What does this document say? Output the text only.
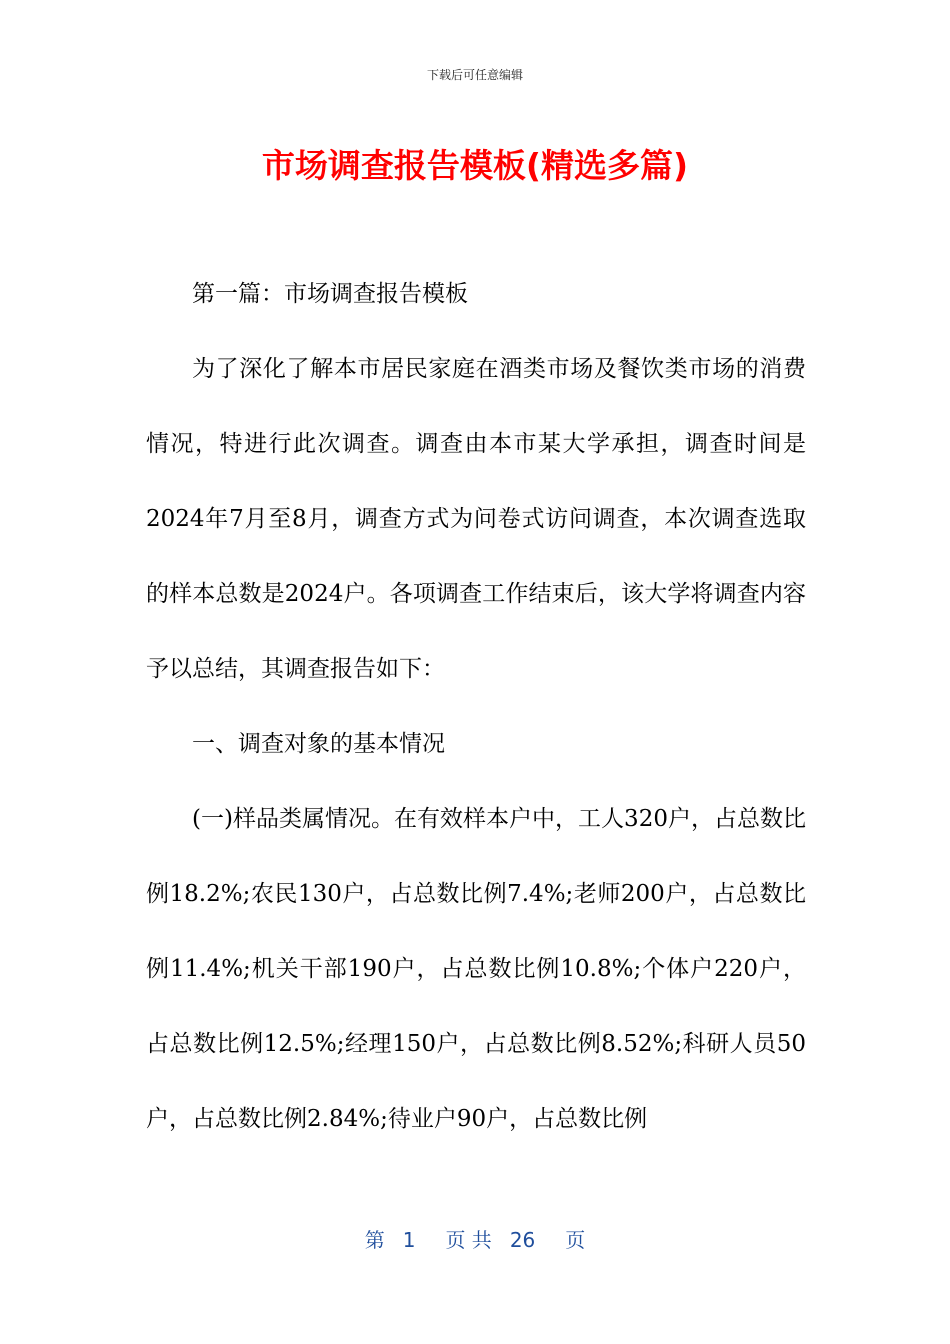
下载后可任意编辑
市场调查报告模板(精选多篇)

第一篇：市场调查报告模板

为了深化了解本市居民家庭在酒类市场及餐饮类市场的消费情况，特进行此次调查。调查由本市某大学承担，调查时间是2024年7月至8月，调查方式为问卷式访问调查，本次调查选取的样本总数是2024户。各项调查工作结束后，该大学将调查内容予以总结，其调查报告如下：

一、调查对象的基本情况

(一)样品类属情况。在有效样本户中，工人320户，占总数比例18.2%;农民130户，占总数比例7.4%;老师200户，占总数比例11.4%;机关干部190户，占总数比例10.8%;个体户220户，占总数比例12.5%;经理150户，占总数比例8.52%;科研人员50户，占总数比例2.84%;待业户90户，占总数比例

第 1 页 共 26 页
